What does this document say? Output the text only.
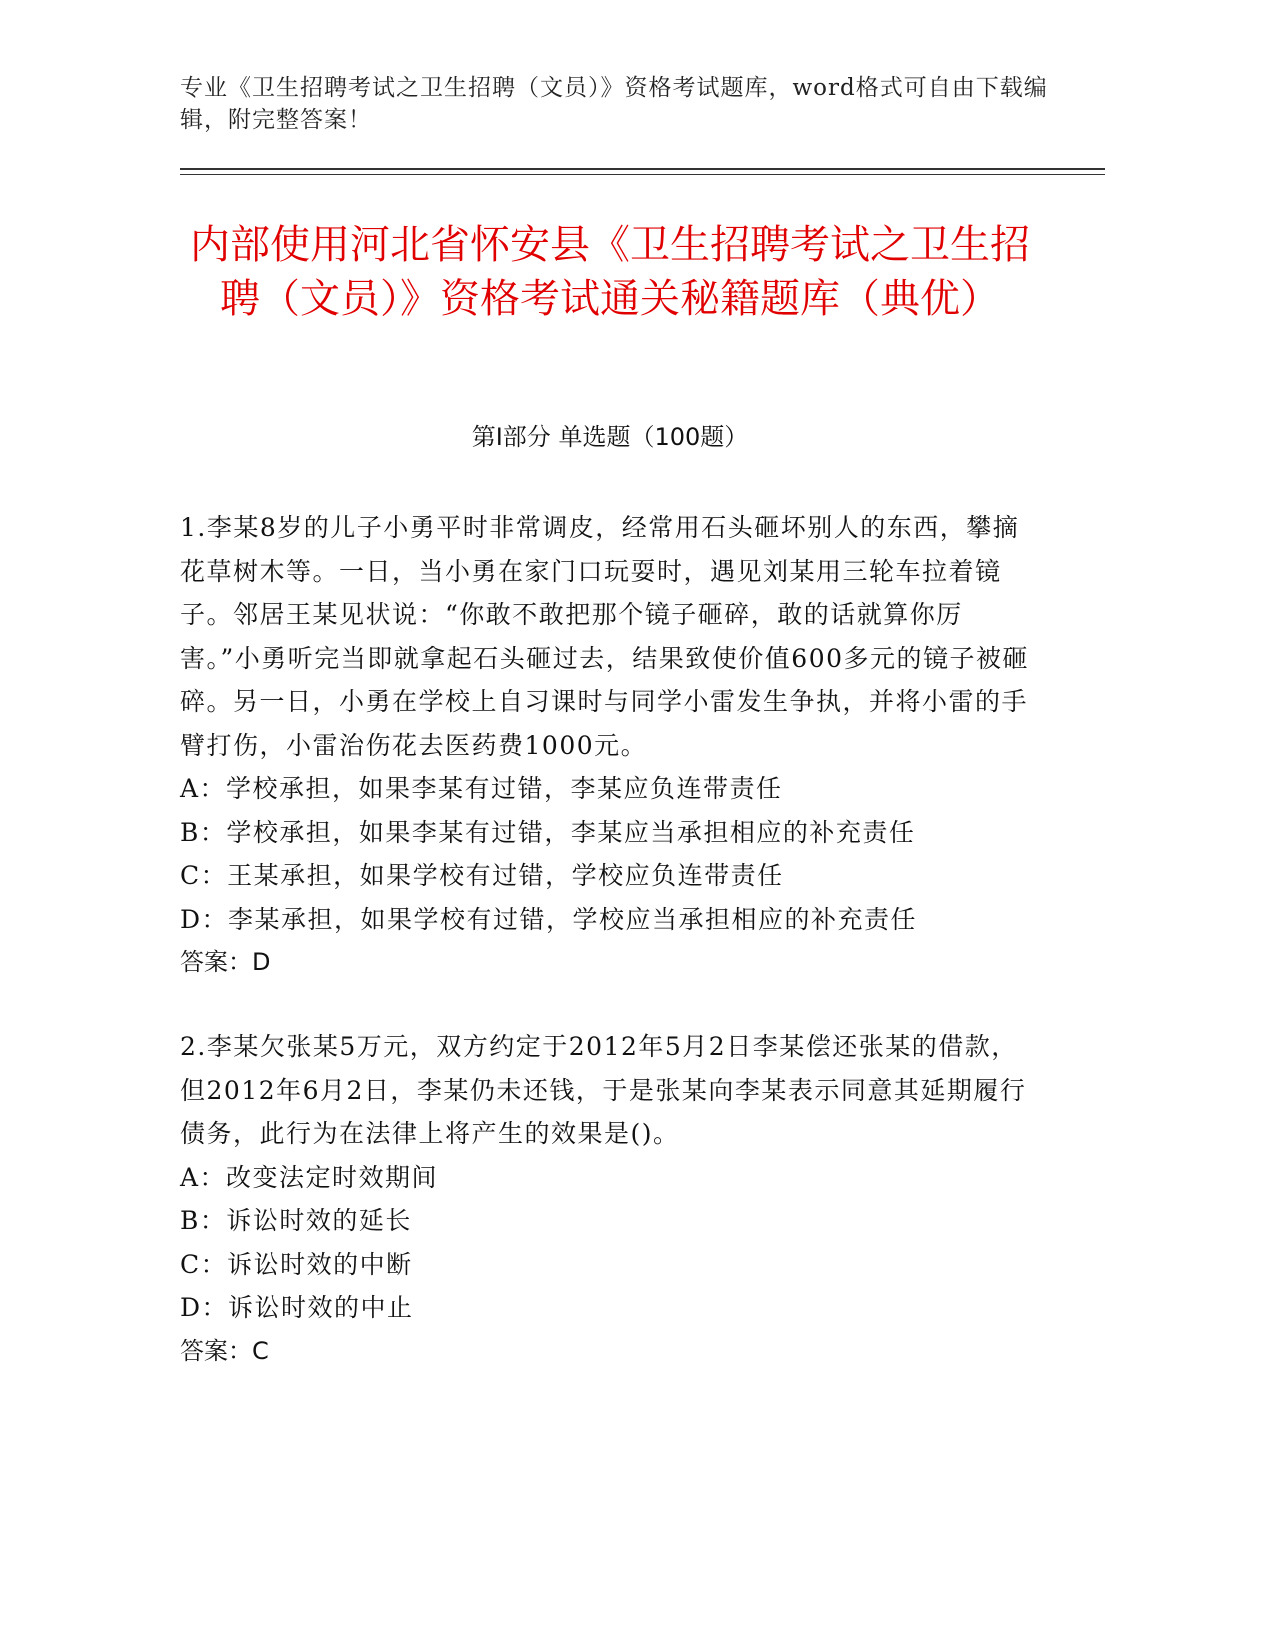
专业《卫生招聘考试之卫生招聘（文员）》资格考试题库，word格式可自由下载编辑，附完整答案！
内部使用河北省怀安县《卫生招聘考试之卫生招聘（文员）》资格考试通关秘籍题库（典优）
第Ⅰ部分 单选题（100题）

1.李某8岁的儿子小勇平时非常调皮，经常用石头砸坏别人的东西，攀摘花草树木等。一日，当小勇在家门口玩耍时，遇见刘某用三轮车拉着镜子。邻居王某见状说：“你敢不敢把那个镜子砸碎，敢的话就算你厉害。”小勇听完当即就拿起石头砸过去，结果致使价值600多元的镜子被砸碎。另一日，小勇在学校上自习课时与同学小雷发生争执，并将小雷的手臂打伤，小雷治伤花去医药费1000元。

A：学校承担，如果李某有过错，李某应负连带责任

B：学校承担，如果李某有过错，李某应当承担相应的补充责任

C：王某承担，如果学校有过错，学校应负连带责任

D：李某承担，如果学校有过错，学校应当承担相应的补充责任

答案：D

2.李某欠张某5万元，双方约定于2012年5月2日李某偿还张某的借款，但2012年6月2日，李某仍未还钱，于是张某向李某表示同意其延期履行债务，此行为在法律上将产生的效果是()。

A：改变法定时效期间

B：诉讼时效的延长

C：诉讼时效的中断

D：诉讼时效的中止

答案：C
